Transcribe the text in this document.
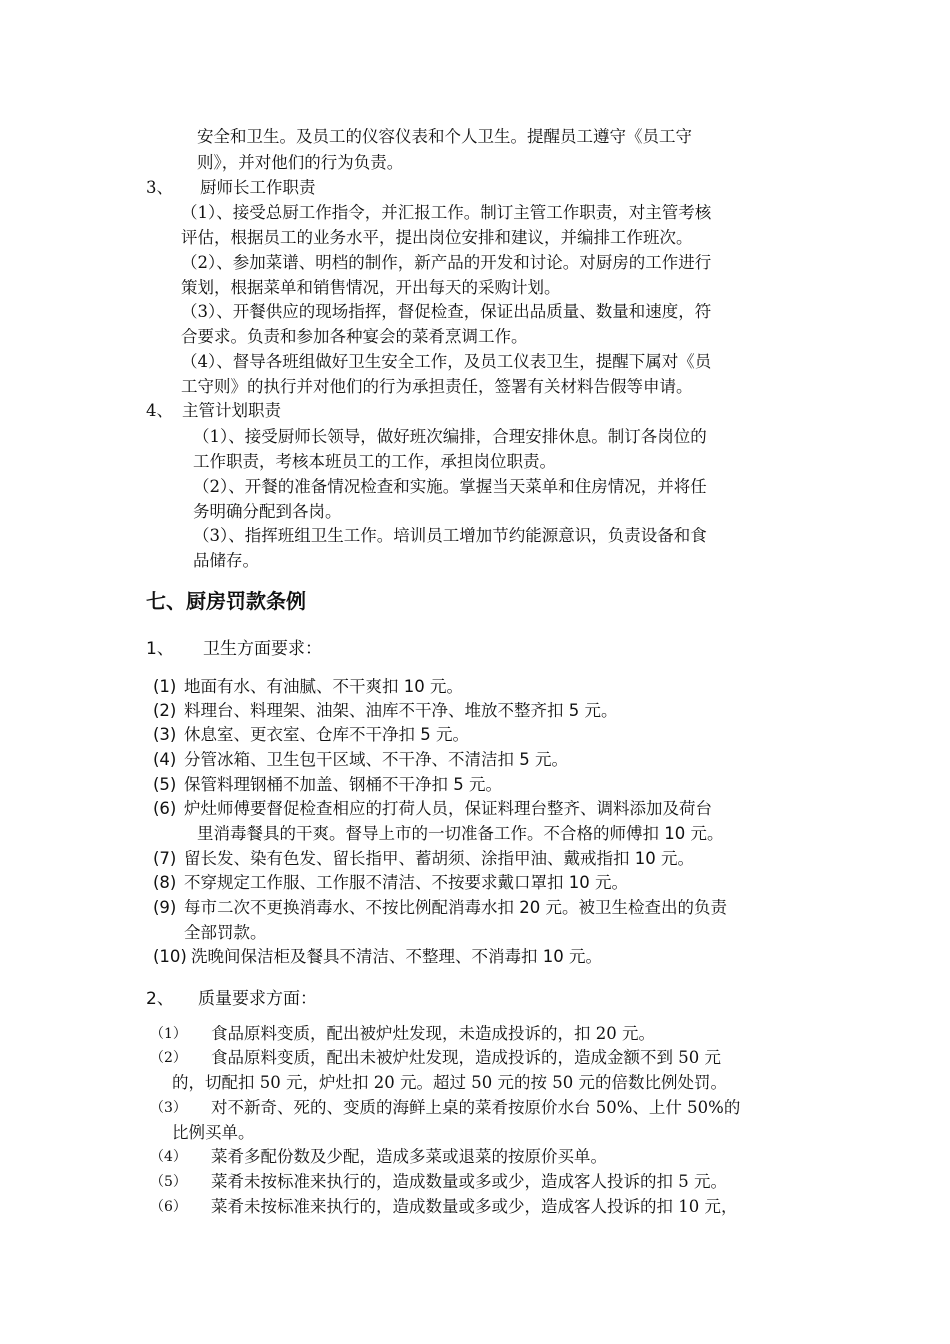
安全和卫生。及员工的仪容仪表和个人卫生。提醒员工遵守《员工守
则》，并对他们的行为负责。
3、 厨师长工作职责
（1）、接受总厨工作指令，并汇报工作。制订主管工作职责，对主管考核
评估，根据员工的业务水平，提出岗位安排和建议，并编排工作班次。
（2）、参加菜谱、明档的制作，新产品的开发和讨论。对厨房的工作进行
策划，根据菜单和销售情况，开出每天的采购计划。
（3）、开餐供应的现场指挥，督促检查，保证出品质量、数量和速度，符
合要求。负责和参加各种宴会的菜肴烹调工作。
（4）、督导各班组做好卫生安全工作，及员工仪表卫生，提醒下属对《员
工守则》的执行并对他们的行为承担责任，签署有关材料告假等申请。
4、 主管计划职责
（1）、接受厨师长领导，做好班次编排，合理安排休息。制订各岗位的
工作职责，考核本班员工的工作，承担岗位职责。
（2）、开餐的准备情况检查和实施。掌握当天菜单和住房情况，并将任
务明确分配到各岗。
（3）、指挥班组卫生工作。培训员工增加节约能源意识，负责设备和食
品储存。
七、厨房罚款条例
1、 卫生方面要求：
(1) 地面有水、有油腻、不干爽扣 10 元。
(2) 料理台、料理架、油架、油库不干净、堆放不整齐扣 5 元。
(3) 休息室、更衣室、仓库不干净扣 5 元。
(4) 分管冰箱、卫生包干区域、不干净、不清洁扣 5 元。
(5) 保管料理钢桶不加盖、钢桶不干净扣 5 元。
(6) 炉灶师傅要督促检查相应的打荷人员，保证料理台整齐、调料添加及荷台
里消毒餐具的干爽。督导上市的一切准备工作。不合格的师傅扣 10 元。
(7) 留长发、染有色发、留长指甲、蓄胡须、涂指甲油、戴戒指扣 10 元。
(8) 不穿规定工作服、工作服不清洁、不按要求戴口罩扣 10 元。
(9) 每市二次不更换消毒水、不按比例配消毒水扣 20 元。被卫生检查出的负责
全部罚款。
(10) 洗晚间保洁柜及餐具不清洁、不整理、不消毒扣 10 元。
2、 质量要求方面：
（1） 食品原料变质，配出被炉灶发现，未造成投诉的，扣 20 元。
（2） 食品原料变质，配出未被炉灶发现，造成投诉的，造成金额不到 50 元
的，切配扣 50 元，炉灶扣 20 元。超过 50 元的按 50 元的倍数比例处罚。
（3） 对不新奇、死的、变质的海鲜上桌的菜肴按原价水台 50%、上什 50%的
比例买单。
（4） 菜肴多配份数及少配，造成多菜或退菜的按原价买单。
（5） 菜肴未按标准来执行的，造成数量或多或少，造成客人投诉的扣 5 元。
（6） 菜肴未按标准来执行的，造成数量或多或少，造成客人投诉的扣 10 元，
